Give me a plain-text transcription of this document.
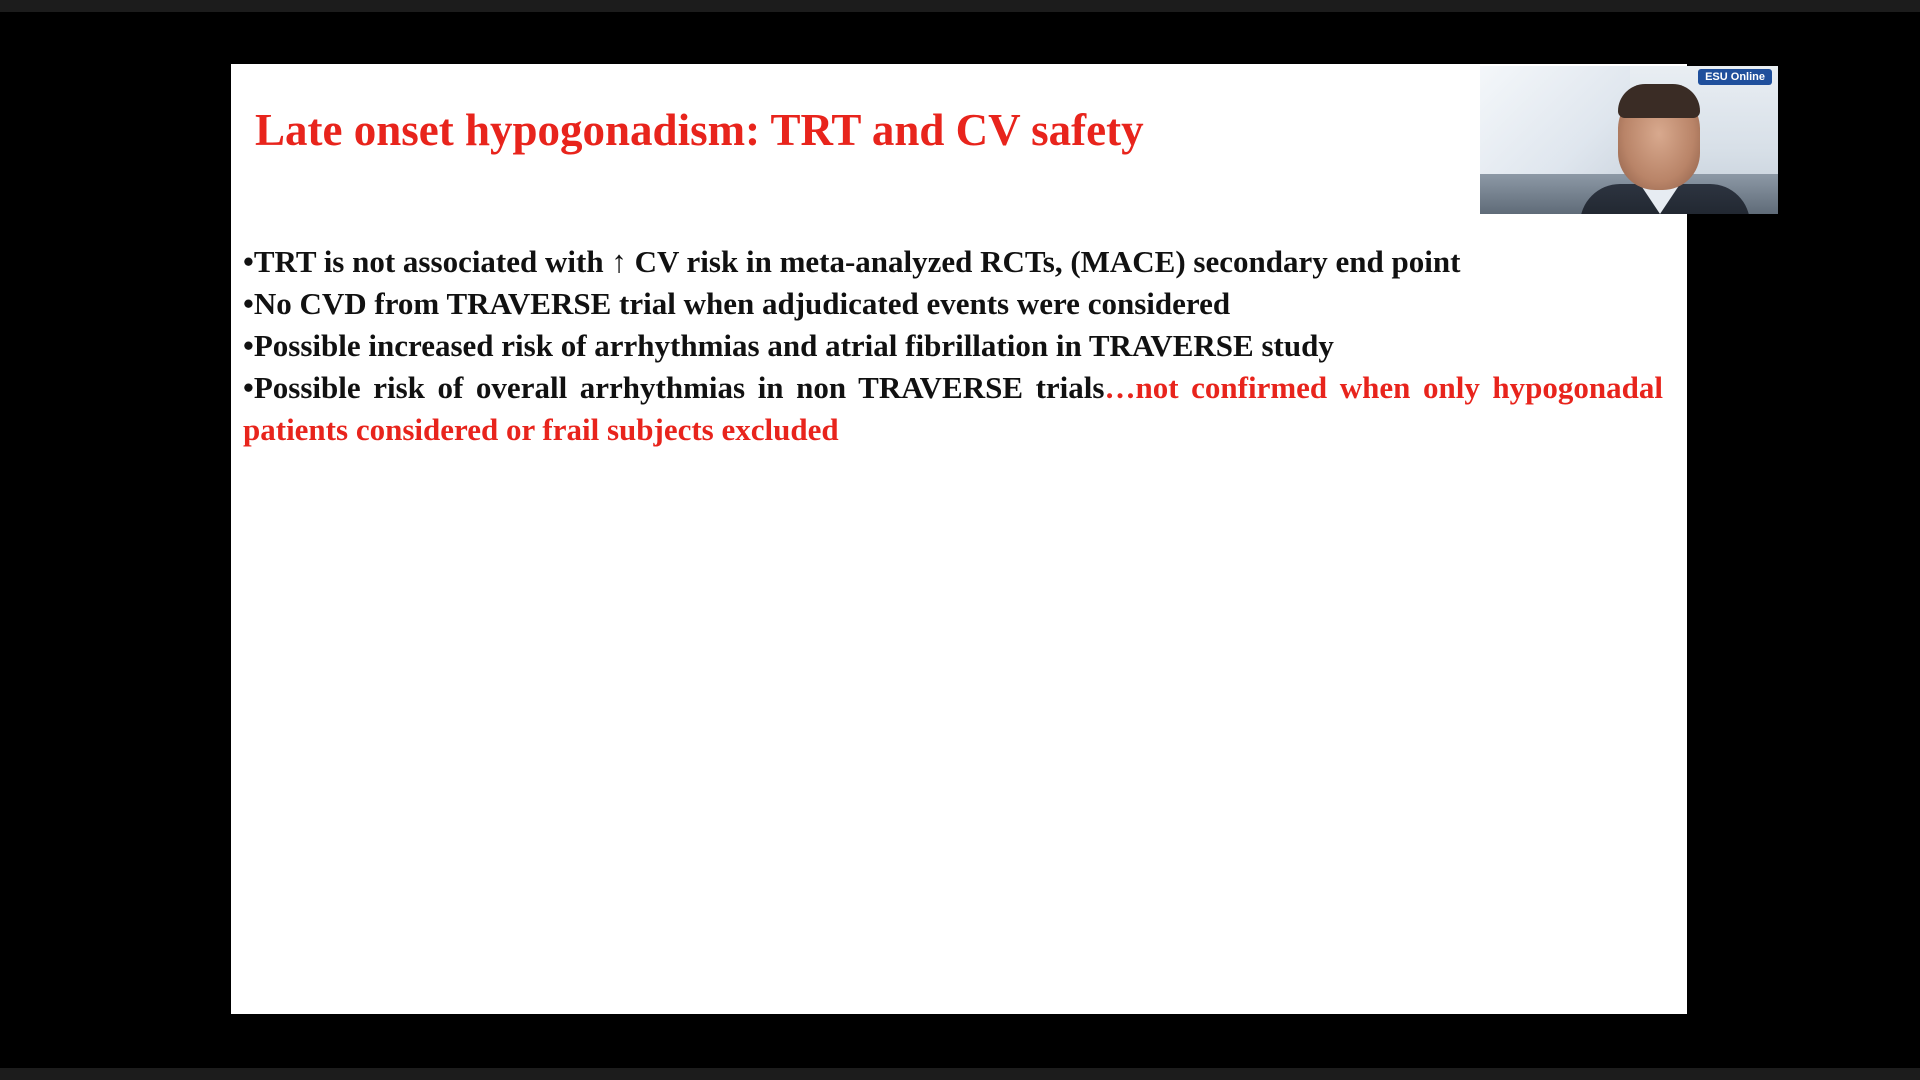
Late onset hypogonadism: TRT and CV safety
•TRT is not associated with ↑ CV risk in meta-analyzed RCTs, (MACE) secondary end point
•No CVD from TRAVERSE trial when adjudicated events were considered
•Possible increased risk of arrhythmias and atrial fibrillation in TRAVERSE study
•Possible risk of overall arrhythmias in non TRAVERSE trials…not confirmed when only hypogonadal patients considered or frail subjects excluded
ESU Online
